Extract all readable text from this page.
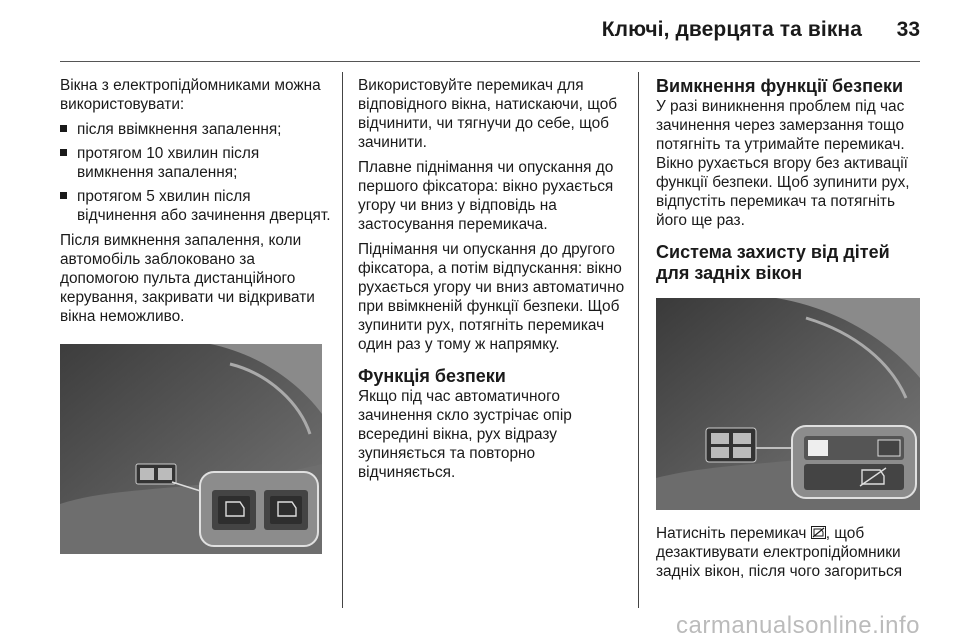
Ключі, дверцята та вікна 33

Вікна з електропідйомниками можна використовувати:

після ввімкнення запалення;
протягом 10 хвилин після вимкнення запалення;
протягом 5 хвилин після відчинення або зачинення дверцят.

Після вимкнення запалення, коли автомобіль заблоковано за допомогою пульта дистанційного керування, закривати чи відкривати вікна неможливо.

Використовуйте перемикач для відповідного вікна, натискаючи, щоб відчинити, чи тягнучи до себе, щоб зачинити.

Плавне піднімання чи опускання до першого фіксатора: вікно рухається угору чи вниз у відповідь на застосування перемикача.

Піднімання чи опускання до другого фіксатора, а потім відпускання: вікно рухається угору чи вниз автоматично при ввімкненій функції безпеки. Щоб зупинити рух, потягніть перемикач один раз у тому ж напрямку.

Функція безпеки

Якщо під час автоматичного зачинення скло зустрічає опір всередині вікна, рух відразу зупиняється та повторно відчиняється.

Вимкнення функції безпеки

У разі виникнення проблем під час зачинення через замерзання тощо потягніть та утримайте перемикач. Вікно рухається вгору без активації функції безпеки. Щоб зупинити рух, відпустіть перемикач та потягніть його ще раз.

Система захисту від дітей для задніх вікон

Натисніть перемикач , щоб дезактивувати електропідйомники задніх вікон, після чого загориться

carmanualsonline.info
